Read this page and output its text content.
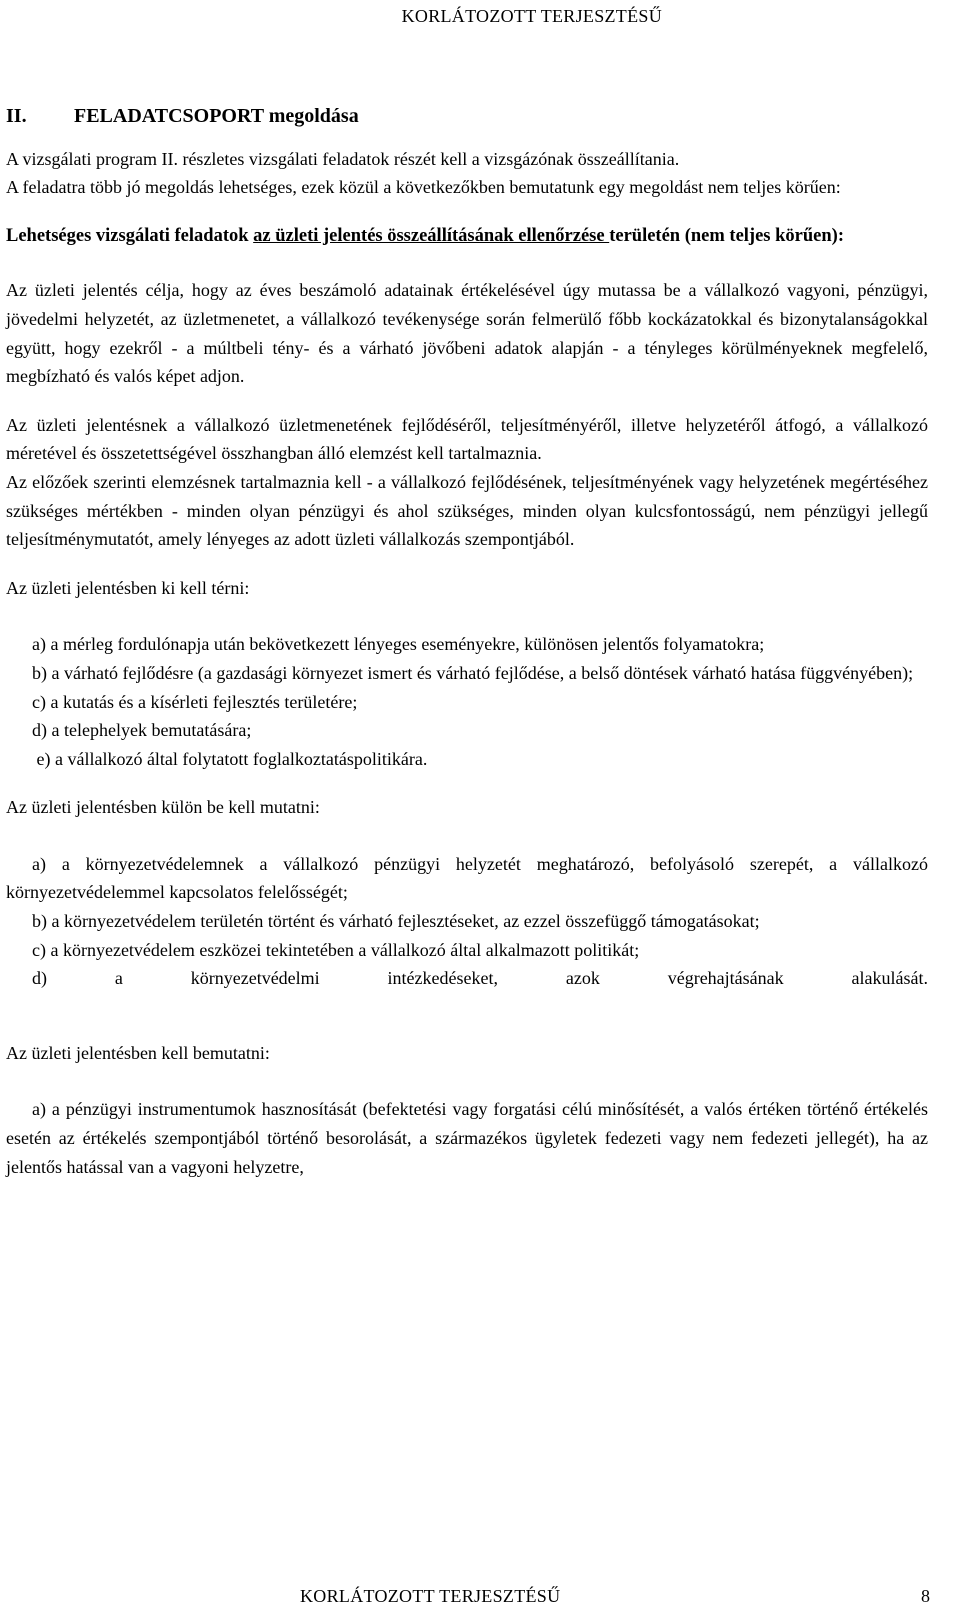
KORLÁTOZOTT TERJESZTÉSŰ

II. FELADATCSOPORT megoldása

A vizsgálati program II. részletes vizsgálati feladatok részét kell a vizsgázónak összeállítania.

A feladatra több jó megoldás lehetséges, ezek közül a következőkben bemutatunk egy megoldást nem teljes körűen:

Lehetséges vizsgálati feladatok az üzleti jelentés összeállításának ellenőrzése területén (nem teljes körűen):

Az üzleti jelentés célja, hogy az éves beszámoló adatainak értékelésével úgy mutassa be a vállalkozó vagyoni, pénzügyi, jövedelmi helyzetét, az üzletmenetet, a vállalkozó tevékenysége során felmerülő főbb kockázatokkal és bizonytalanságokkal együtt, hogy ezekről - a múltbeli tény- és a várható jövőbeni adatok alapján - a tényleges körülményeknek megfelelő, megbízható és valós képet adjon.

Az üzleti jelentésnek a vállalkozó üzletmenetének fejlődéséről, teljesítményéről, illetve helyzetéről átfogó, a vállalkozó méretével és összetettségével összhangban álló elemzést kell tartalmaznia.

Az előzőek szerinti elemzésnek tartalmaznia kell - a vállalkozó fejlődésének, teljesítményének vagy helyzetének megértéséhez szükséges mértékben - minden olyan pénzügyi és ahol szükséges, minden olyan kulcsfontosságú, nem pénzügyi jellegű teljesítménymutatót, amely lényeges az adott üzleti vállalkozás szempontjából.

Az üzleti jelentésben ki kell térni:

a) a mérleg fordulónapja után bekövetkezett lényeges eseményekre, különösen jelentős folyamatokra;

b) a várható fejlődésre (a gazdasági környezet ismert és várható fejlődése, a belső döntések várható hatása függvényében);

c) a kutatás és a kísérleti fejlesztés területére;

d) a telephelyek bemutatására;

e) a vállalkozó által folytatott foglalkoztatáspolitikára.

Az üzleti jelentésben külön be kell mutatni:

a) a környezetvédelemnek a vállalkozó pénzügyi helyzetét meghatározó, befolyásoló szerepét, a vállalkozó környezetvédelemmel kapcsolatos felelősségét;

b) a környezetvédelem területén történt és várható fejlesztéseket, az ezzel összefüggő támogatásokat;

c) a környezetvédelem eszközei tekintetében a vállalkozó által alkalmazott politikát;

d) a környezetvédelmi intézkedéseket, azok végrehajtásának alakulását.

Az üzleti jelentésben kell bemutatni:

a) a pénzügyi instrumentumok hasznosítását (befektetési vagy forgatási célú minősítését, a valós értéken történő értékelés esetén az értékelés szempontjából történő besorolását, a származékos ügyletek fedezeti vagy nem fedezeti jellegét), ha az jelentős hatással van a vagyoni helyzetre,

KORLÁTOZOTT TERJESZTÉSŰ	8
